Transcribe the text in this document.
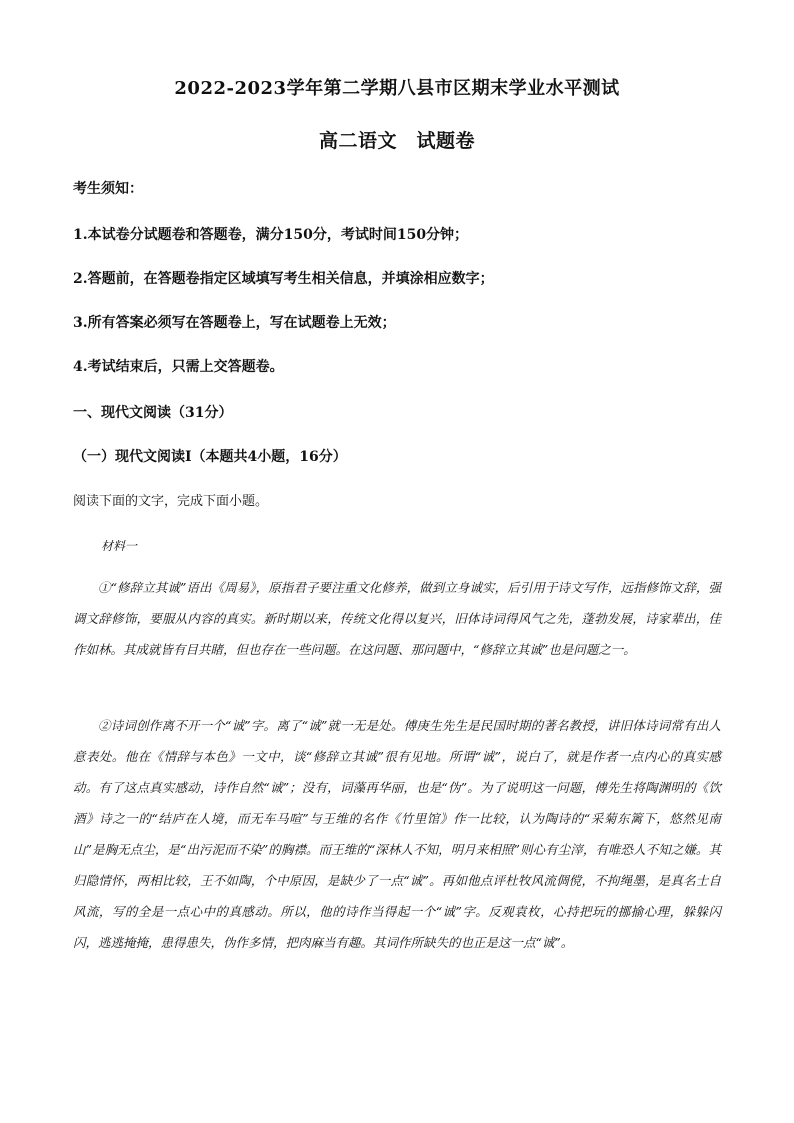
2022-2023学年第二学期八县市区期末学业水平测试
高二语文　试题卷
考生须知：
1.本试卷分试题卷和答题卷，满分150分，考试时间150分钟；
2.答题前，在答题卷指定区域填写考生相关信息，并填涂相应数字；
3.所有答案必须写在答题卷上，写在试题卷上无效；
4.考试结束后，只需上交答题卷。
一、现代文阅读（31分）
（一）现代文阅读Ⅰ（本题共4小题，16分）
阅读下面的文字，完成下面小题。
材料一
①“修辞立其诚”语出《周易》，原指君子要注重文化修养，做到立身诚实，后引用于诗文写作，远指修饰文辞，强调文辞修饰，要服从内容的真实。新时期以来，传统文化得以复兴，旧体诗词得风气之先，蓬勃发展，诗家辈出，佳作如林。其成就皆有目共睹，但也存在一些问题。在这问题、那问题中，“修辞立其诚”也是问题之一。
②诗词创作离不开一个“诚”字。离了“诚”就一无是处。傅庚生先生是民国时期的著名教授，讲旧体诗词常有出人意表处。他在《情辞与本色》一文中，谈“修辞立其诚”很有见地。所谓“诚”，说白了，就是作者一点内心的真实感动。有了这点真实感动，诗作自然“诚”；没有，词藻再华丽，也是“伪”。为了说明这一问题，傅先生将陶渊明的《饮酒》诗之一的“结庐在人境，而无车马喧”与王维的名作《竹里馆》作一比较，认为陶诗的“采菊东篱下，悠然见南山”是胸无点尘，是“出污泥而不染”的胸襟。而王维的“深林人不知，明月来相照”则心有尘滓，有唯恐人不知之嫌。其归隐情怀，两相比较，王不如陶，个中原因，是缺少了一点“诚”。再如他点评杜牧风流倜傥，不拘绳墨，是真名士自风流，写的全是一点心中的真感动。所以，他的诗作当得起一个“诚”字。反观袁枚，心持把玩的挪揄心理，躲躲闪闪，逃逃掩掩，患得患失，伪作多情，把肉麻当有趣。其词作所缺失的也正是这一点“诚”。
